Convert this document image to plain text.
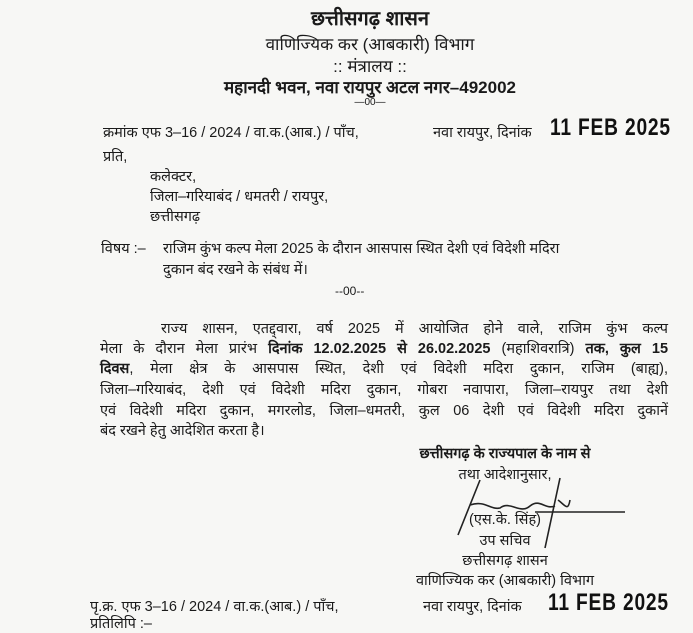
छत्तीसगढ़ शासन
वाणिज्यिक कर (आबकारी) विभाग
:: मंत्रालय ::
महानदी भवन, नवा रायपुर अटल नगर–492002
—00—
क्रमांक एफ 3–16 / 2024 / वा.क.(आब.) / पाँच,	नवा रायपुर, दिनांक 11 FEB 2025
प्रति,
कलेक्टर,
जिला–गरियाबंद / धमतरी / रायपुर,
छत्तीसगढ़
विषय :– राजिम कुंभ कल्प मेला 2025 के दौरान आसपास स्थित देशी एवं विदेशी मदिरा
दुकान बंद रखने के संबंध में।
--00--
राज्य शासन, एतद्द्वारा, वर्ष 2025 में आयोजित होने वाले, राजिम कुंभ कल्प
मेला के दौरान मेला प्रारंभ दिनांक 12.02.2025 से 26.02.2025 (महाशिवरात्रि) तक, कुल 15
दिवस, मेला क्षेत्र के आसपास स्थित, देशी एवं विदेशी मदिरा दुकान, राजिम (बाह्य),
जिला–गरियाबंद, देशी एवं विदेशी मदिरा दुकान, गोबरा नवापारा, जिला–रायपुर तथा देशी
एवं विदेशी मदिरा दुकान, मगरलोड, जिला–धमतरी, कुल 06 देशी एवं विदेशी मदिरा दुकानें
बंद रखने हेतु आदेशित करता है।
छत्तीसगढ़ के राज्यपाल के नाम से
तथा आदेशानुसार,
(एस.के. सिंह)
उप सचिव
छत्तीसगढ़ शासन
वाणिज्यिक कर (आबकारी) विभाग
नवा रायपुर, दिनांक 11 FEB 2025
पृ.क्र. एफ 3–16 / 2024 / वा.क.(आब.) / पाँच,
प्रतिलिपि :–
